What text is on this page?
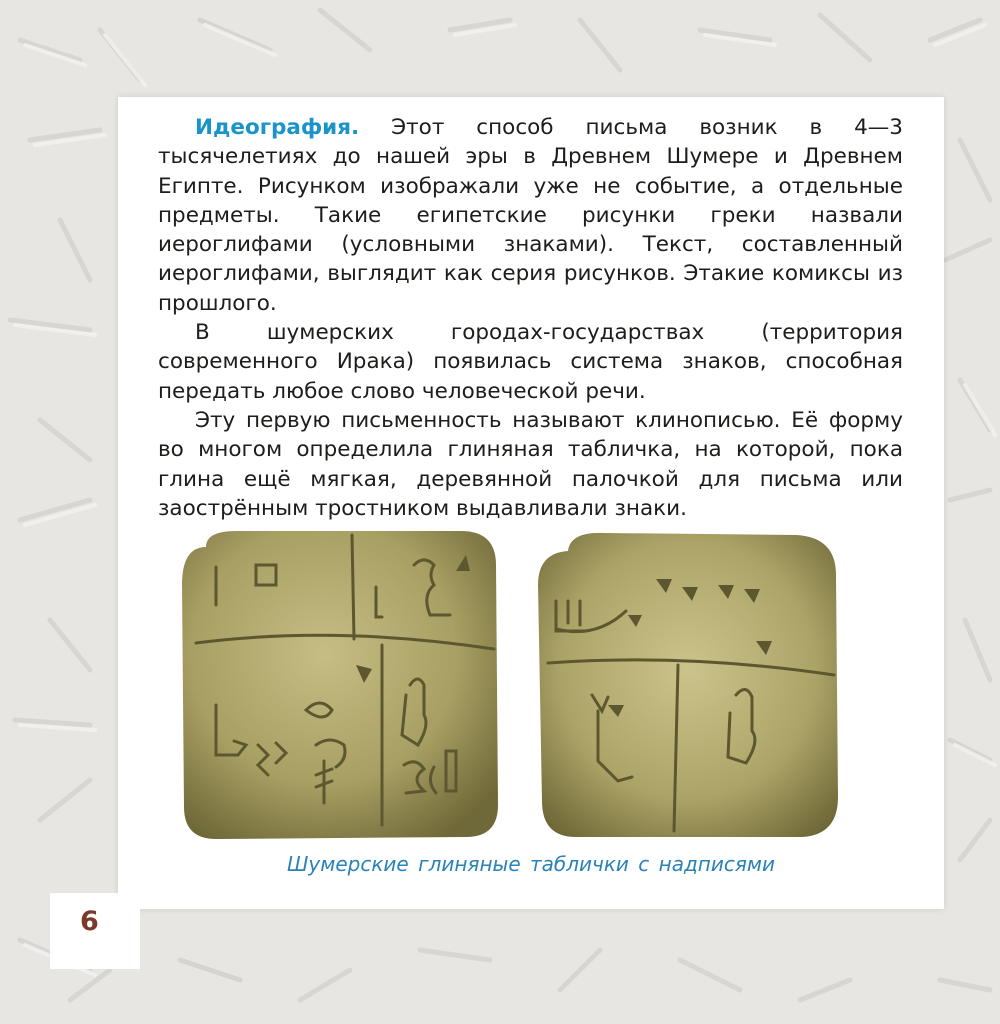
Идеография. Этот способ письма возник в 4—3 тысячелетиях до нашей эры в Древнем Шумере и Древнем Египте. Рисунком изображали уже не событие, а отдельные предметы. Такие египетские рисунки греки назвали иероглифами (условными знаками). Текст, составленный иероглифами, выглядит как серия рисунков. Этакие комиксы из прошлого.

В шумерских городах-государствах (территория современного Ирака) появилась система знаков, способная передать любое слово человеческой речи.

Эту первую письменность называют клинописью. Её форму во многом определила глиняная табличка, на которой, пока глина ещё мягкая, деревянной палочкой для письма или заострённым тростником выдавливали знаки.

Шумерские глиняные таблички с надписями
6
